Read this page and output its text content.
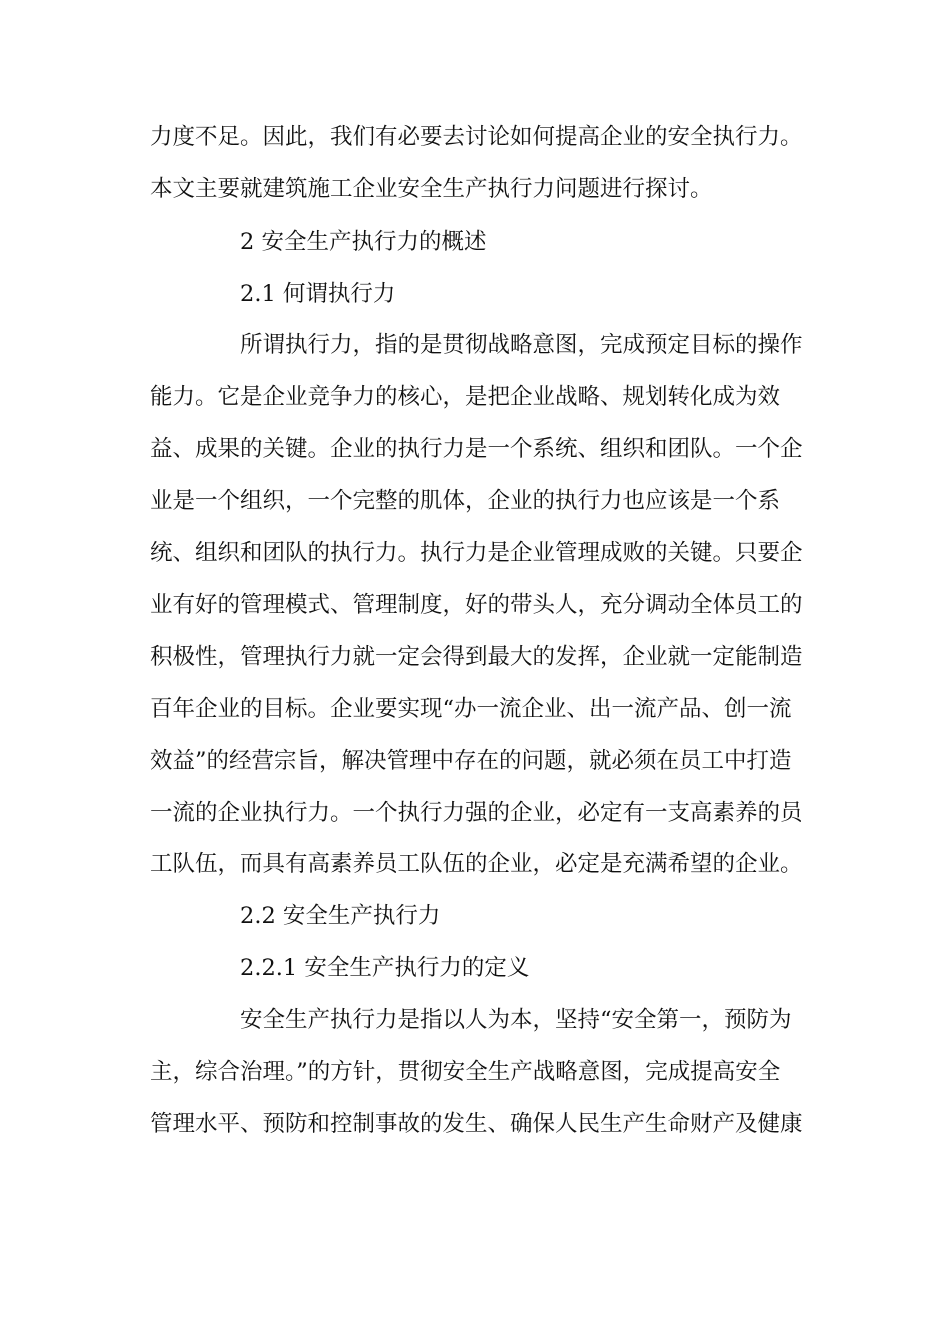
力度不足。因此，我们有必要去讨论如何提高企业的安全执行力。

本文主要就建筑施工企业安全生产执行力问题进行探讨。

2 安全生产执行力的概述

2.1 何谓执行力

所谓执行力，指的是贯彻战略意图，完成预定目标的操作

能力。它是企业竞争力的核心，是把企业战略、规划转化成为效

益、成果的关键。企业的执行力是一个系统、组织和团队。一个企

业是一个组织，一个完整的肌体，企业的执行力也应该是一个系

统、组织和团队的执行力。执行力是企业管理成败的关键。只要企

业有好的管理模式、管理制度，好的带头人，充分调动全体员工的

积极性，管理执行力就一定会得到最大的发挥，企业就一定能制造

百年企业的目标。企业要实现“办一流企业、出一流产品、创一流

效益”的经营宗旨，解决管理中存在的问题，就必须在员工中打造

一流的企业执行力。一个执行力强的企业，必定有一支高素养的员

工队伍，而具有高素养员工队伍的企业，必定是充满希望的企业。

2.2 安全生产执行力

2.2.1 安全生产执行力的定义

安全生产执行力是指以人为本，坚持“安全第一，预防为

主，综合治理。”的方针，贯彻安全生产战略意图，完成提高安全

管理水平、预防和控制事故的发生、确保人民生产生命财产及健康
